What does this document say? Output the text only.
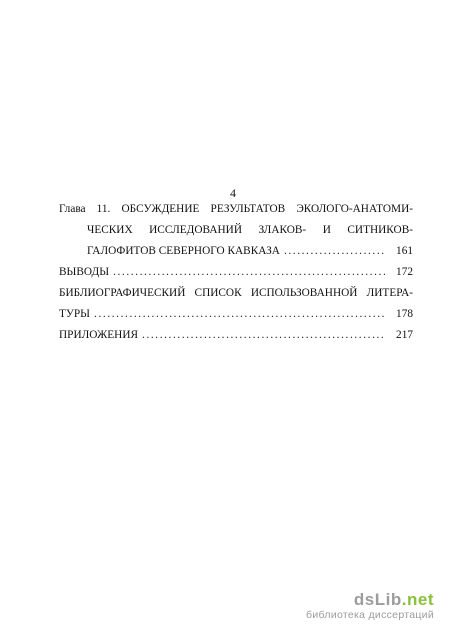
4
Глава 11. ОБСУЖДЕНИЕ РЕЗУЛЬТАТОВ ЭКОЛОГО-АНАТОМИ-
ЧЕСКИХ ИССЛЕДОВАНИЙ ЗЛАКОВ- И СИТНИКОВ-
ГАЛОФИТОВ СЕВЕРНОГО КАВКАЗА .....	161
ВЫВОДЫ .....	172
БИБЛИОГРАФИЧЕСКИЙ СПИСОК ИСПОЛЬЗОВАННОЙ ЛИТЕРА-
ТУРЫ .....	178
ПРИЛОЖЕНИЯ .....	217
dsLib.net
библиотека диссертаций
